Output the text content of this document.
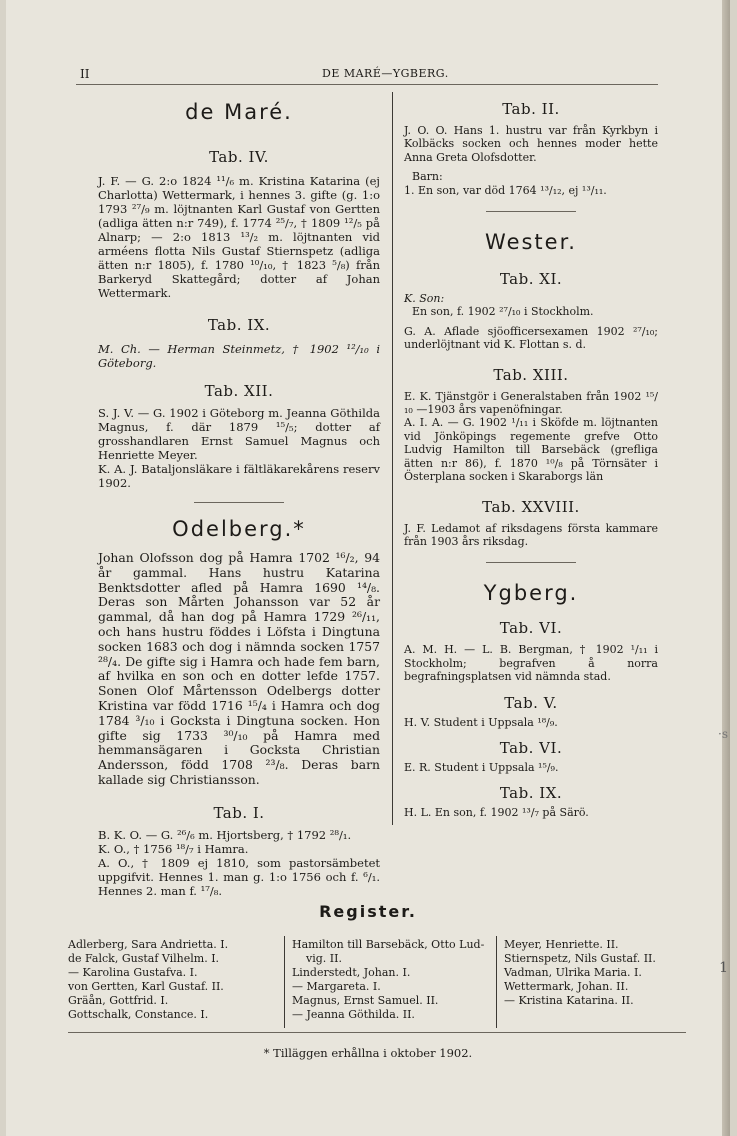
II	DE MARÉ—YGBERG.
de Maré.
Tab. IV.

J. F. — G. 2:o 1824 ¹¹/₆ m. Kristina Katarina (ej Charlotta) Wettermark, i hennes 3. gifte (g. 1:o 1793 ²⁷/₉ m. löjtnanten Karl Gustaf von Gertten (adliga ätten n:r 749), f. 1774 ²⁵/₇, † 1809 ¹²/₅ på Alnarp; — 2:o 1813 ¹³/₂ m. löjtnanten vid arméens flotta Nils Gustaf Stiernspetz (adliga ätten n:r 1805), f. 1780 ¹⁰/₁₀, † 1823 ⁵/₈) från Barkeryd Skattegård; dotter af Johan Wettermark.

Tab. IX.

M. Ch. — Herman Steinmetz, † 1902 ¹²/₁₀ i Göteborg.

Tab. XII.

S. J. V. — G. 1902 i Göteborg m. Jeanna Göthilda Magnus, f. där 1879 ¹⁵/₅; dotter af grosshandlaren Ernst Samuel Magnus och Henriette Meyer.

K. A. J. Bataljonsläkare i fältläkarekårens reserv 1902.

Odelberg.*

Johan Olofsson dog på Hamra 1702 ¹⁶/₂, 94 år gammal. Hans hustru Katarina Benktsdotter afled på Hamra 1690 ¹⁴/₈. Deras son Mårten Johansson var 52 år gammal, då han dog på Hamra 1729 ²⁶/₁₁, och hans hustru föddes i Löfsta i Dingtuna socken 1683 och dog i nämnda socken 1757 ²⁸/₄. De gifte sig i Hamra och hade fem barn, af hvilka en son och en dotter lefde 1757. Sonen Olof Mårtensson Odelbergs dotter Kristina var född 1716 ¹⁵/₄ i Hamra och dog 1784 ³/₁₀ i Gocksta i Dingtuna socken. Hon gifte sig 1733 ³⁰/₁₀ på Hamra med hemmansägaren i Gocksta Christian Andersson, född 1708 ²³/₈. Deras barn kallade sig Christiansson.

Tab. I.

B. K. O. — G. ²⁶/₆ m. Hjortsberg, † 1792 ²⁸/₁.

K. O., † 1756 ¹⁸/₇ i Hamra.

A. O., † 1809 ej 1810, som pastorsämbetet uppgifvit. Hennes 1. man g. 1:o 1756 och f. ⁶/₁. Hennes 2. man f. ¹⁷/₈.

Tab. II.

J. O. O. Hans 1. hustru var från Kyrkbyn i Kolbäcks socken och hennes moder hette Anna Greta Olofsdotter.

Barn:

1. En son, var död 1764 ¹³/₁₂, ej ¹³/₁₁.

Wester.
Tab. XI.

K. Son:

En son, f. 1902 ²⁷/₁₀ i Stockholm.

G. A. Aflade sjöofficersexamen 1902 ²⁷/₁₀; underlöjtnant vid K. Flottan s. d.

Tab. XIII.

E. K. Tjänstgör i Generalstaben från 1902 ¹⁵/₁₀ —1903 års vapenöfningar.

A. I. A. — G. 1902 ¹/₁₁ i Sköfde m. löjtnanten vid Jönköpings regemente grefve Otto Ludvig Hamilton till Barsebäck (grefliga ätten n:r 86), f. 1870 ¹⁰/₈ på Törnsäter i Österplana socken i Skaraborgs län

Tab. XXVIII.

J. F. Ledamot af riksdagens första kammare från 1903 års riksdag.

Ygberg.
Tab. VI.

A. M. H. — L. B. Bergman, † 1902 ¹/₁₁ i Stockholm; begrafven å norra begrafningsplatsen vid nämnda stad.

Tab. V.

H. V. Student i Uppsala ¹⁸/₉.

Tab. VI.

E. R. Student i Uppsala ¹⁵/₉.

Tab. IX.

H. L. En son, f. 1902 ¹³/₇ på Särö.

Register.
Adlerberg, Sara Andrietta. I.
de Falck, Gustaf Vilhelm. I.
— Karolina Gustafva. I.
von Gertten, Karl Gustaf. II.
Gräån, Gottfrid. I.
Gottschalk, Constance. I.
Hamilton till Barsebäck, Otto Lud-
vig. II.
Linderstedt, Johan. I.
— Margareta. I.
Magnus, Ernst Samuel. II.
— Jeanna Göthilda. II.
Meyer, Henriette. II.
Stiernspetz, Nils Gustaf. II.
Vadman, Ulrika Maria. I.
Wettermark, Johan. II.
— Kristina Katarina. II.
* Tilläggen erhållna i oktober 1902.
1
·s
